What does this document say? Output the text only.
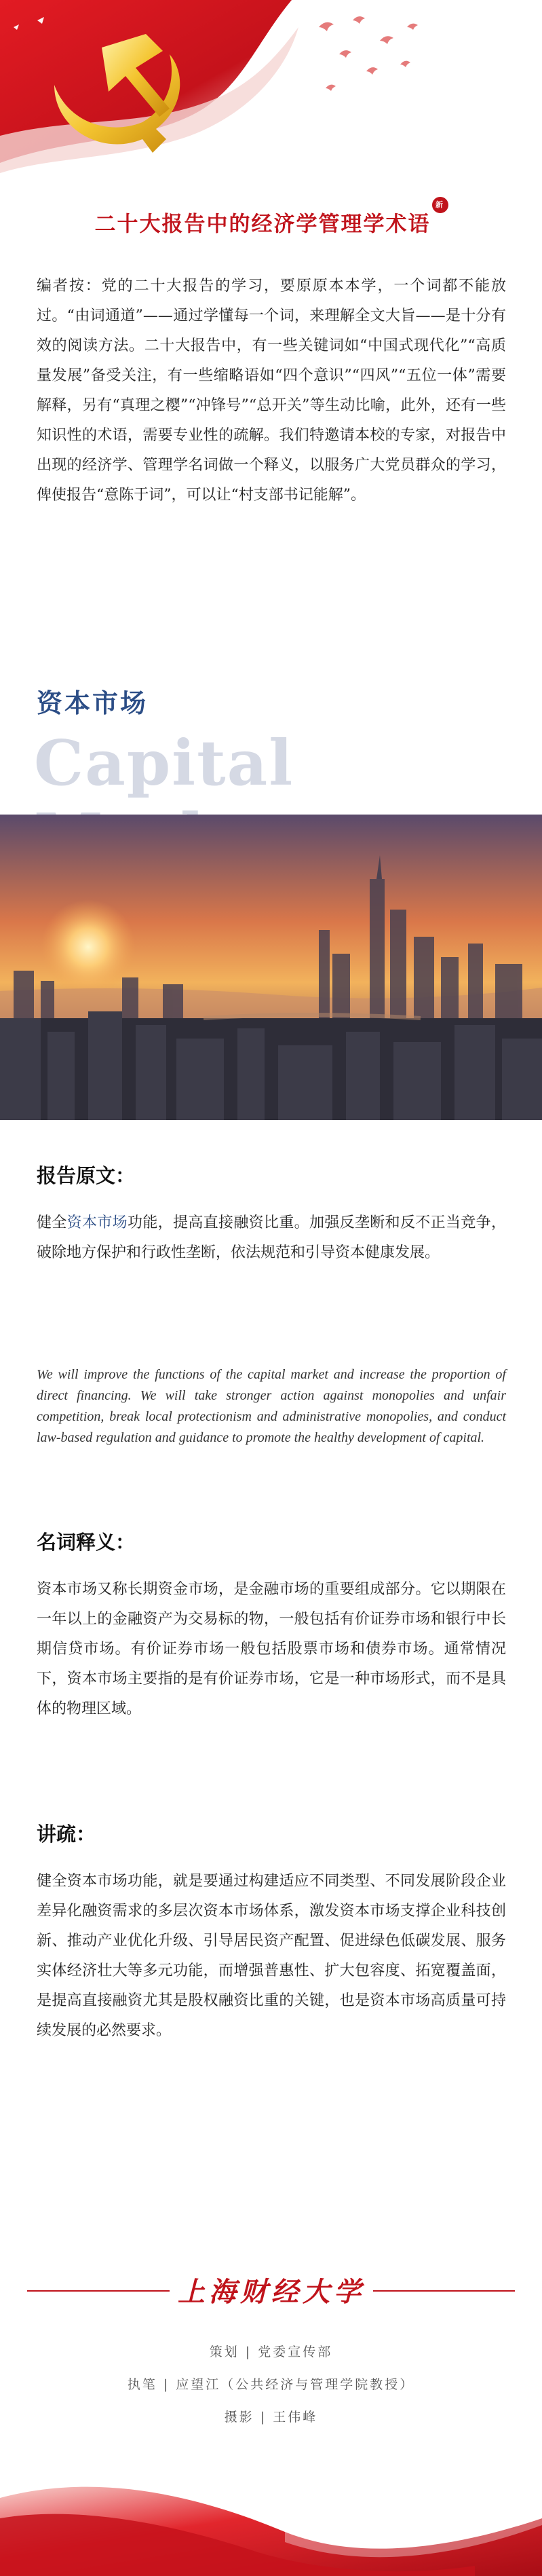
二十大报告中的经济学管理学术语新华
编者按：党的二十大报告的学习，要原原本本学，一个词都不能放过。“由词通道”——通过学懂每一个词，来理解全文大旨——是十分有效的阅读方法。二十大报告中，有一些关键词如“中国式现代化”“高质量发展”备受关注，有一些缩略语如“四个意识”“四风”“五位一体”需要解释，另有“真理之樱”“冲锋号”“总开关”等生动比喻，此外，还有一些知识性的术语，需要专业性的疏解。我们特邀请本校的专家，对报告中出现的经济学、管理学名词做一个释义，以服务广大党员群众的学习，俾使报告“意陈于词”，可以让“村支部书记能解”。
资本市场
Capital
报告原文：
健全资本市场功能，提高直接融资比重。加强反垄断和反不正当竞争，破除地方保护和行政性垄断，依法规范和引导资本健康发展。
We will improve the functions of the capital market and increase the proportion of direct financing. We will take stronger action against monopolies and unfair competition, break local protectionism and administrative monopolies, and conduct law-based regulation and guidance to promote the healthy development of capital.
名词释义：
资本市场又称长期资金市场，是金融市场的重要组成部分。它以期限在一年以上的金融资产为交易标的物，一般包括有价证券市场和银行中长期信贷市场。有价证券市场一般包括股票市场和债券市场。通常情况下，资本市场主要指的是有价证券市场，它是一种市场形式，而不是具体的物理区域。
讲疏：
健全资本市场功能，就是要通过构建适应不同类型、不同发展阶段企业差异化融资需求的多层次资本市场体系，激发资本市场支撑企业科技创新、推动产业优化升级、引导居民资产配置、促进绿色低碳发展、服务实体经济壮大等多元功能，而增强普惠性、扩大包容度、拓宽覆盖面，是提高直接融资尤其是股权融资比重的关键，也是资本市场高质量可持续发展的必然要求。
上海财经大学
策划 | 党委宣传部
执笔 | 应望江（公共经济与管理学院教授）
摄影 | 王伟峰
